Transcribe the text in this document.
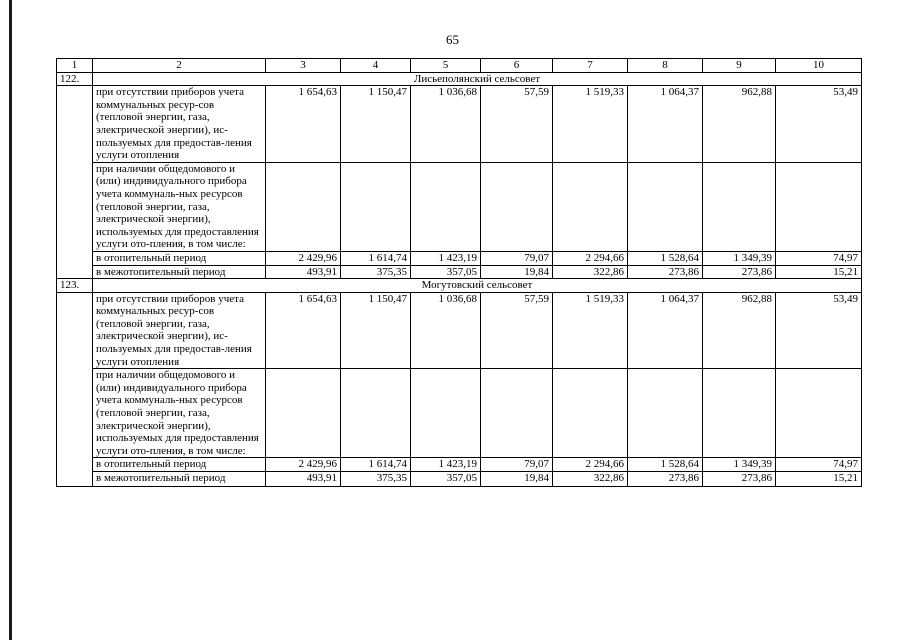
65
1	2	3	4	5	6	7	8	9	10
122.	Лисьеполянский сельсовет								
	при отсутствии приборов учета коммунальных ресур-сов (тепловой энергии, газа, электрической энергии), ис-пользуемых для предостав-ления услуги отопления	1 654,63	1 150,47	1 036,68	57,59	1 519,33	1 064,37	962,88	53,49
	при наличии общедомового и (или) индивидуального прибора учета коммуналь-ных ресурсов (тепловой энергии, газа, электрической энергии), используемых для предоставления услуги ото-пления, в том числе:								
	в отопительный период	2 429,96	1 614,74	1 423,19	79,07	2 294,66	1 528,64	1 349,39	74,97
	в межотопительный период	493,91	375,35	357,05	19,84	322,86	273,86	273,86	15,21
123.	Могутовский сельсовет								
	при отсутствии приборов учета коммунальных ресур-сов (тепловой энергии, газа, электрической энергии), ис-пользуемых для предостав-ления услуги отопления	1 654,63	1 150,47	1 036,68	57,59	1 519,33	1 064,37	962,88	53,49
	при наличии общедомового и (или) индивидуального прибора учета коммуналь-ных ресурсов (тепловой энергии, газа, электрической энергии), используемых для предоставления услуги ото-пления, в том числе:								
	в отопительный период	2 429,96	1 614,74	1 423,19	79,07	2 294,66	1 528,64	1 349,39	74,97
	в межотопительный период	493,91	375,35	357,05	19,84	322,86	273,86	273,86	15,21
